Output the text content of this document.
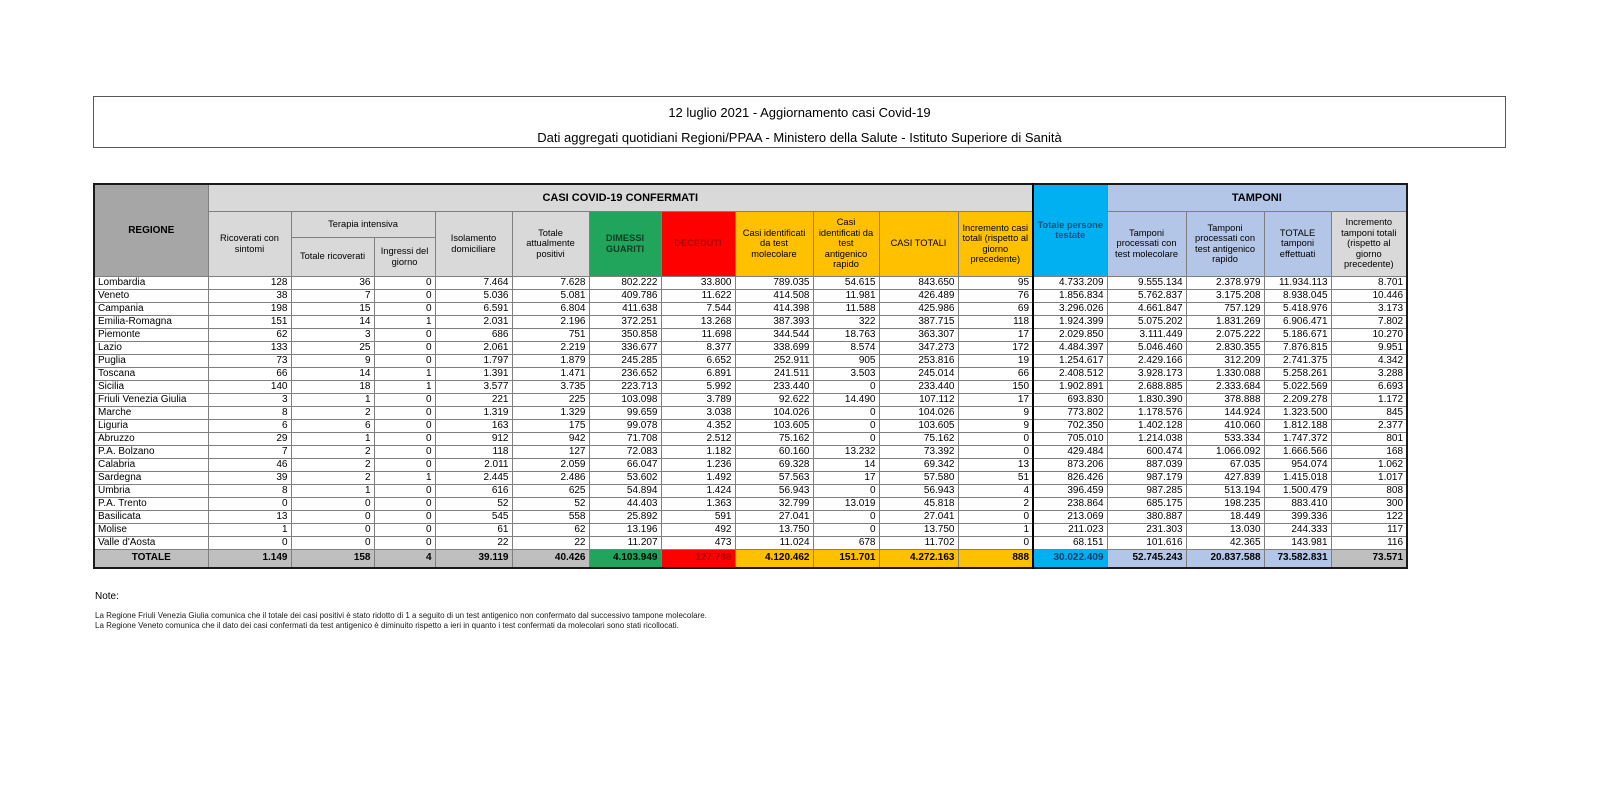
12 luglio 2021 - Aggiornamento casi Covid-19
Dati aggregati quotidiani Regioni/PPAA - Ministero della Salute - Istituto Superiore di Sanità
REGIONE	CASI COVID-19 CONFERMATI											Totale persone testate	TAMPONI			
	Ricoverati con sintomi	Terapia intensiva		Isolamento domiciliare	Totale attualmente positivi	DIMESSI GUARITI	DECEDUTI	Casi identificati da test molecolare	Casi identificati da test antigenico rapido	CASI TOTALI	Incremento casi totali (rispetto al giorno precedente)		Tamponi processati con test molecolare	Tamponi processati con test antigenico rapido	TOTALE tamponi effettuati	Incremento tamponi totali (rispetto al giorno precedente)
		Totale ricoverati	Ingressi del giorno													
Lombardia	128	36	0	7.464	7.628	802.222	33.800	789.035	54.615	843.650	95	4.733.209	9.555.134	2.378.979	11.934.113	8.701
Veneto	38	7	0	5.036	5.081	409.786	11.622	414.508	11.981	426.489	76	1.856.834	5.762.837	3.175.208	8.938.045	10.446
Campania	198	15	0	6.591	6.804	411.638	7.544	414.398	11.588	425.986	69	3.296.026	4.661.847	757.129	5.418.976	3.173
Emilia-Romagna	151	14	1	2.031	2.196	372.251	13.268	387.393	322	387.715	118	1.924.399	5.075.202	1.831.269	6.906.471	7.802
Piemonte	62	3	0	686	751	350.858	11.698	344.544	18.763	363.307	17	2.029.850	3.111.449	2.075.222	5.186.671	10.270
Lazio	133	25	0	2.061	2.219	336.677	8.377	338.699	8.574	347.273	172	4.484.397	5.046.460	2.830.355	7.876.815	9.951
Puglia	73	9	0	1.797	1.879	245.285	6.652	252.911	905	253.816	19	1.254.617	2.429.166	312.209	2.741.375	4.342
Toscana	66	14	1	1.391	1.471	236.652	6.891	241.511	3.503	245.014	66	2.408.512	3.928.173	1.330.088	5.258.261	3.288
Sicilia	140	18	1	3.577	3.735	223.713	5.992	233.440	0	233.440	150	1.902.891	2.688.885	2.333.684	5.022.569	6.693
Friuli Venezia Giulia	3	1	0	221	225	103.098	3.789	92.622	14.490	107.112	17	693.830	1.830.390	378.888	2.209.278	1.172
Marche	8	2	0	1.319	1.329	99.659	3.038	104.026	0	104.026	9	773.802	1.178.576	144.924	1.323.500	845
Liguria	6	6	0	163	175	99.078	4.352	103.605	0	103.605	9	702.350	1.402.128	410.060	1.812.188	2.377
Abruzzo	29	1	0	912	942	71.708	2.512	75.162	0	75.162	0	705.010	1.214.038	533.334	1.747.372	801
P.A. Bolzano	7	2	0	118	127	72.083	1.182	60.160	13.232	73.392	0	429.484	600.474	1.066.092	1.666.566	168
Calabria	46	2	0	2.011	2.059	66.047	1.236	69.328	14	69.342	13	873.206	887.039	67.035	954.074	1.062
Sardegna	39	2	1	2.445	2.486	53.602	1.492	57.563	17	57.580	51	826.426	987.179	427.839	1.415.018	1.017
Umbria	8	1	0	616	625	54.894	1.424	56.943	0	56.943	4	396.459	987.285	513.194	1.500.479	808
P.A. Trento	0	0	0	52	52	44.403	1.363	32.799	13.019	45.818	2	238.864	685.175	198.235	883.410	300
Basilicata	13	0	0	545	558	25.892	591	27.041	0	27.041	0	213.069	380.887	18.449	399.336	122
Molise	1	0	0	61	62	13.196	492	13.750	0	13.750	1	211.023	231.303	13.030	244.333	117
Valle d'Aosta	0	0	0	22	22	11.207	473	11.024	678	11.702	0	68.151	101.616	42.365	143.981	116
TOTALE	1.149	158	4	39.119	40.426	4.103.949	127.788	4.120.462	151.701	4.272.163	888	30.022.409	52.745.243	20.837.588	73.582.831	73.571
Note:
La Regione Friuli Venezia Giulia comunica che il totale dei casi positivi è stato ridotto di 1 a seguito di un test antigenico non confermato dal successivo tampone molecolare.
La Regione Veneto comunica che il dato dei casi confermati da test antigenico è diminuito rispetto a ieri in quanto i test confermati da molecolari sono stati ricollocati.
